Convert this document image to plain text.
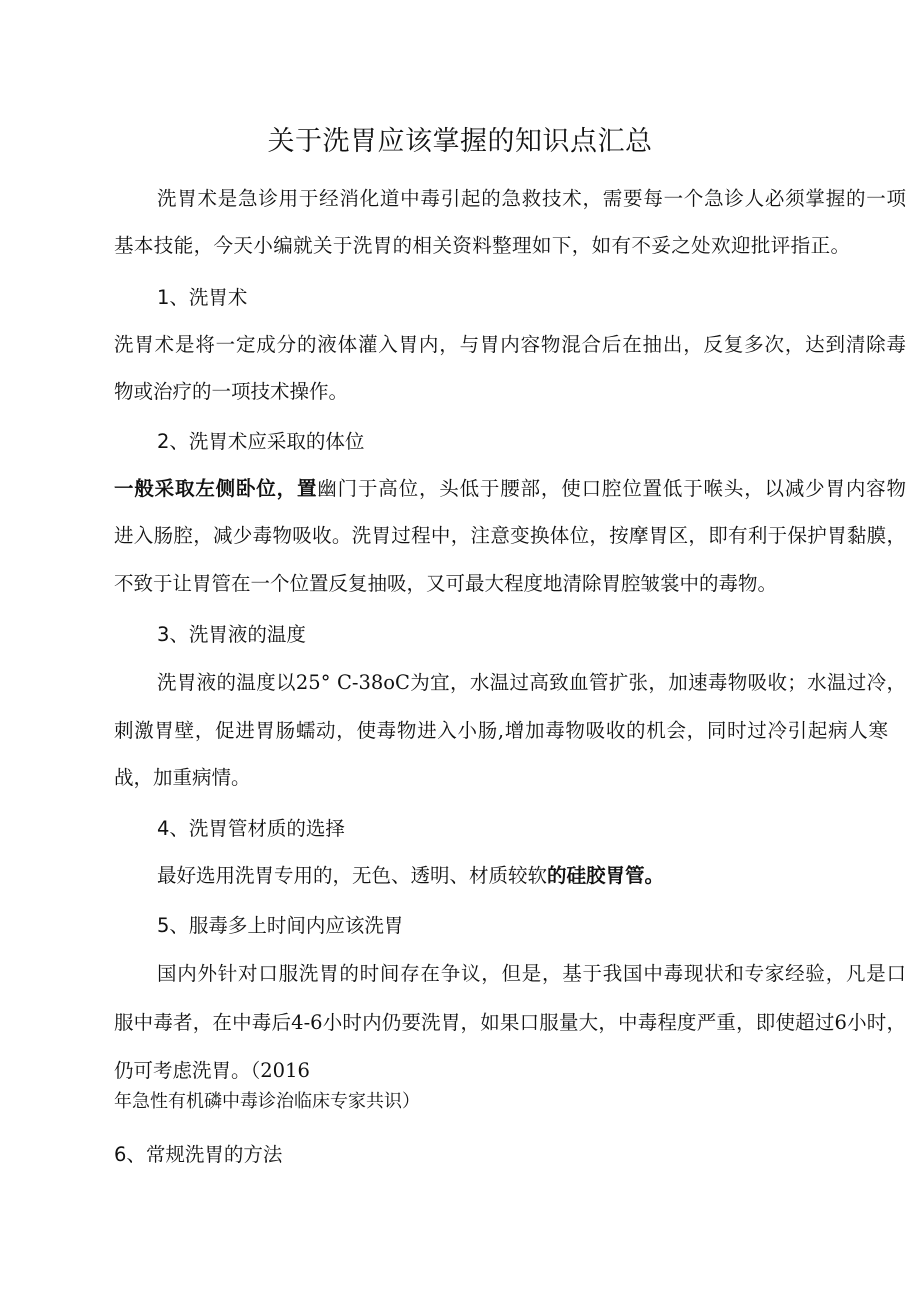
关于洗胃应该掌握的知识点汇总
洗胃术是急诊用于经消化道中毒引起的急救技术，需要每一个急诊人必须掌握的一项
基本技能，今天小编就关于洗胃的相关资料整理如下，如有不妥之处欢迎批评指正。
1、洗胃术
洗胃术是将一定成分的液体灌入胃内，与胃内容物混合后在抽出，反复多次，达到清除毒
物或治疗的一项技术操作。
2、洗胃术应采取的体位
一般采取左侧卧位，置幽门于高位，头低于腰部，使口腔位置低于喉头，以减少胃内容物
进入肠腔，减少毒物吸收。洗胃过程中，注意变换体位，按摩胃区，即有利于保护胃黏膜，
不致于让胃管在一个位置反复抽吸，又可最大程度地清除胃腔皱裳中的毒物。
3、洗胃液的温度
洗胃液的温度以25° C-38oC为宜，水温过高致血管扩张，加速毒物吸收；水温过冷，
刺激胃壁，促进胃肠蠕动，使毒物进入小肠,增加毒物吸收的机会，同时过冷引起病人寒
战，加重病情。
4、洗胃管材质的选择
最好选用洗胃专用的，无色、透明、材质较软的硅胶胃管。
5、服毒多上时间内应该洗胃
国内外针对口服洗胃的时间存在争议，但是，基于我国中毒现状和专家经验，凡是口
服中毒者，在中毒后4-6小时内仍要洗胃，如果口服量大，中毒程度严重，即使超过6小时，
仍可考虑洗胃。（2016
年急性有机磷中毒诊治临床专家共识）
6、常规洗胃的方法
